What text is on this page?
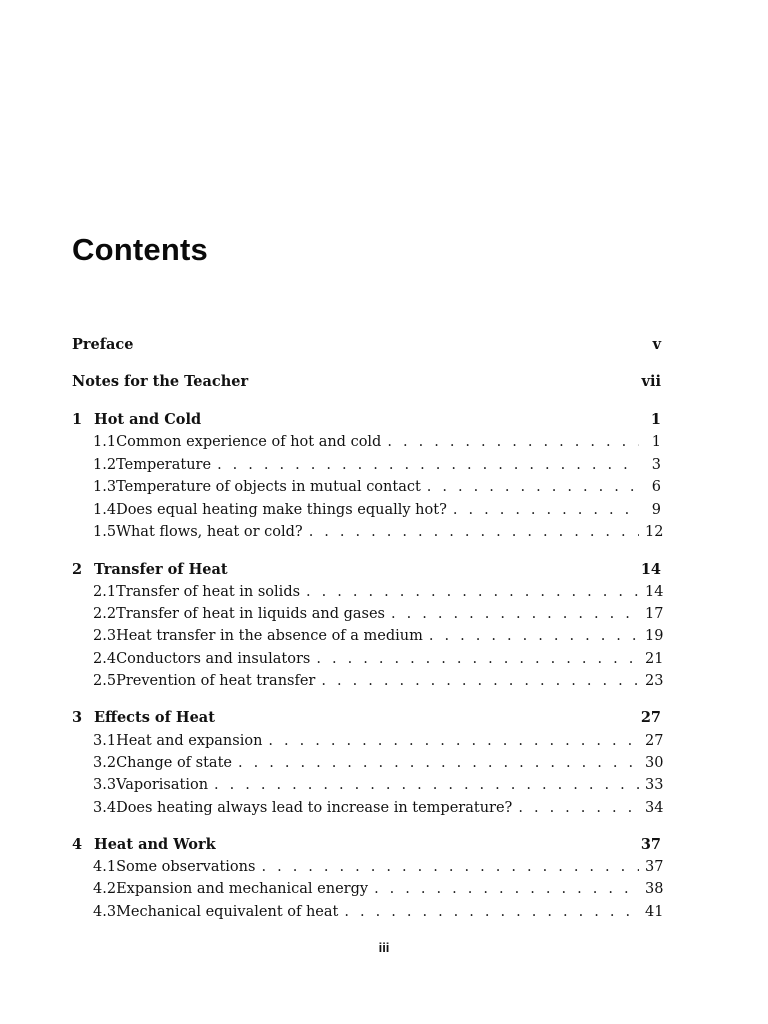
Contents
Preface	v
Notes for the Teacher	vii
1 Hot and Cold	1
1.1 Common experience of hot and cold . . .	1
1.2 Temperature . . .	3
1.3 Temperature of objects in mutual contact . . .	6
1.4 Does equal heating make things equally hot? . . .	9
1.5 What flows, heat or cold? . . .	12
2 Transfer of Heat	14
2.1 Transfer of heat in solids . . .	14
2.2 Transfer of heat in liquids and gases . . .	17
2.3 Heat transfer in the absence of a medium . . .	19
2.4 Conductors and insulators . . .	21
2.5 Prevention of heat transfer . . .	23
3 Effects of Heat	27
3.1 Heat and expansion . . .	27
3.2 Change of state . . .	30
3.3 Vaporisation . . .	33
3.4 Does heating always lead to increase in temperature? . . .	34
4 Heat and Work	37
4.1 Some observations . . .	37
4.2 Expansion and mechanical energy . . .	38
4.3 Mechanical equivalent of heat . . .	41
iii
